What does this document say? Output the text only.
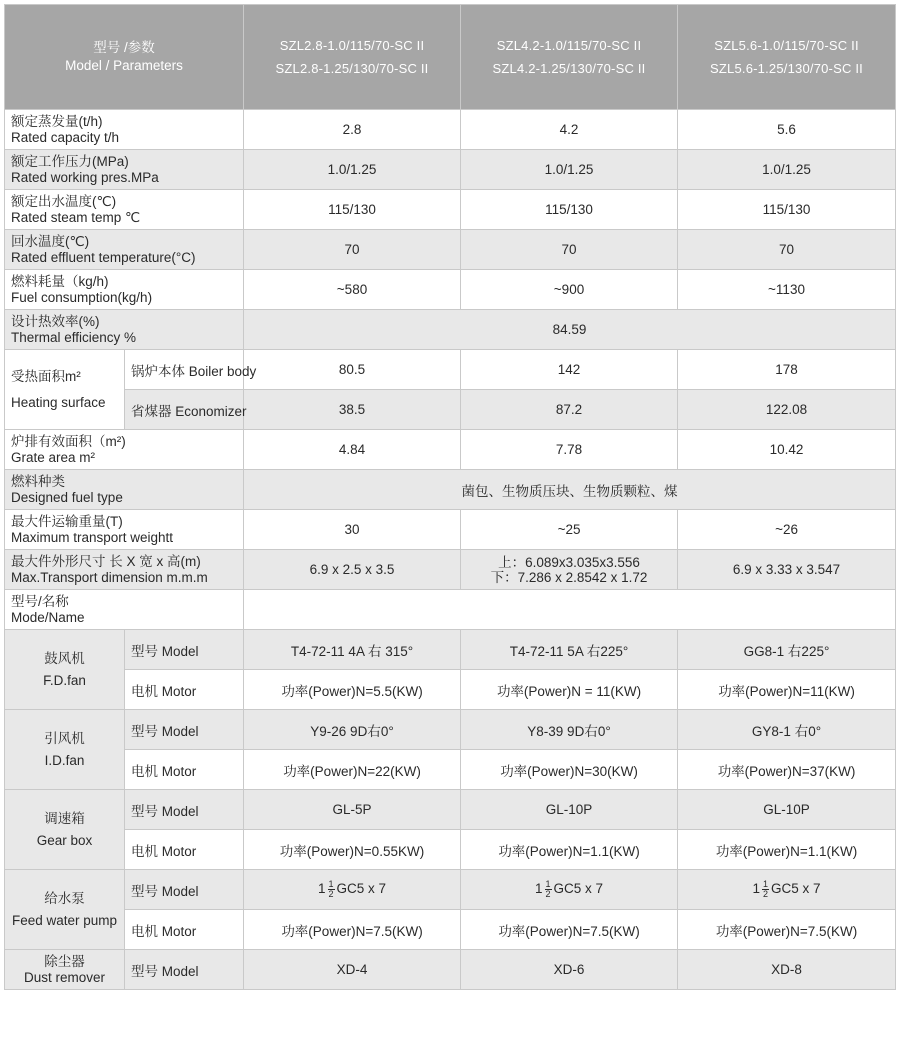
型号 /参数
Model / Parameters		SZL2.8-1.0/115/70-SC II
SZL2.8-1.25/130/70-SC II	SZL4.2-1.0/115/70-SC II
SZL4.2-1.25/130/70-SC II	SZL5.6-1.0/115/70-SC II
SZL5.6-1.25/130/70-SC II

额定蒸发量(t/h)
Rated capacity t/h		2.8	4.2	5.6

额定工作压力(MPa)
Rated working pres.MPa		1.0/1.25	1.0/1.25	1.0/1.25

额定出水温度(℃)
Rated steam temp ℃		115/130	115/130	115/130

回水温度(℃)
Rated effluent temperature(°C)		70	70	70

燃料耗量（kg/h)
Fuel consumption(kg/h)		~580	~900	~1130

设计热效率(%)
Thermal efficiency %		84.59		

受热面积m²
Heating surface	锅炉本体 Boiler body	80.5	142	178
	省煤器 Economizer	38.5	87.2	122.08

炉排有效面积（m²)
Grate area m²		4.84	7.78	10.42

燃料种类
Designed fuel type		菌包、生物质压块、生物质颗粒、煤		

最大件运输重量(T)
Maximum transport weightt		30	~25	~26

最大件外形尺寸 长 X 宽 x 高(m)
Max.Transport dimension m.m.m		6.9 x 2.5 x 3.5	上：6.089x3.035x3.556
下：7.286 x 2.8542 x 1.72	6.9 x 3.33 x 3.547

型号/名称
Mode/Name				

鼓风机
F.D.fan	型号 Model	T4-72-11 4A 右 315°	T4-72-11 5A 右225°	GG8-1 右225°
	电机 Motor	功率(Power)N=5.5(KW)	功率(Power)N = 11(KW)	功率(Power)N=11(KW)

引风机
I.D.fan	型号 Model	Y9-26 9D右0°	Y8-39 9D右0°	GY8-1 右0°
	电机 Motor	功率(Power)N=22(KW)	功率(Power)N=30(KW)	功率(Power)N=37(KW)

调速箱
Gear box	型号 Model	GL-5P	GL-10P	GL-10P
	电机 Motor	功率(Power)N=0.55KW)	功率(Power)N=1.1(KW)	功率(Power)N=1.1(KW)

给水泵
Feed water pump	型号 Model	$1 \frac{1}{2} GC5$ x 7	$1 \frac{1}{2} GC5$ x 7	$1 \frac{1}{2} GC5$ x 7
	电机 Motor	功率(Power)N=7.5(KW)	功率(Power)N=7.5(KW)	功率(Power)N=7.5(KW)

除尘器
Dust remover	型号 Model	XD-4	XD-6	XD-8
